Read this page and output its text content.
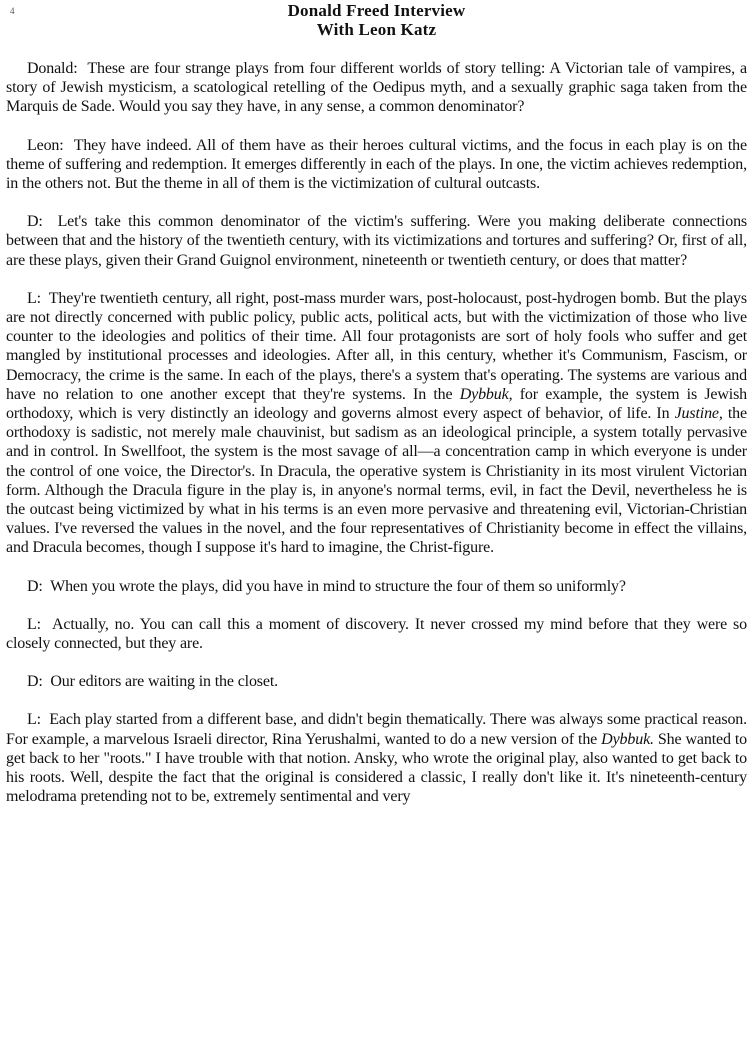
4	Donald Freed Interview
With Leon Katz

Donald: These are four strange plays from four different worlds of story telling: A Victorian tale of vampires, a story of Jewish mysticism, a scatological retelling of the Oedipus myth, and a sexually graphic saga taken from the Marquis de Sade. Would you say they have, in any sense, a common denominator?

Leon: They have indeed. All of them have as their heroes cultural victims, and the focus in each play is on the theme of suffering and redemption. It emerges differently in each of the plays. In one, the victim achieves redemption, in the others not. But the theme in all of them is the victimization of cultural outcasts.

D: Let's take this common denominator of the victim's suffering. Were you making deliberate connections between that and the history of the twentieth century, with its victimizations and tortures and suffering? Or, first of all, are these plays, given their Grand Guignol environment, nineteenth or twentieth century, or does that matter?

L: They're twentieth century, all right, post-mass murder wars, post-holocaust, post-hydrogen bomb. But the plays are not directly concerned with public policy, public acts, political acts, but with the victimization of those who live counter to the ideologies and politics of their time. All four protagonists are sort of holy fools who suffer and get mangled by institutional processes and ideologies. After all, in this century, whether it's Communism, Fascism, or Democracy, the crime is the same. In each of the plays, there's a system that's operating. The systems are various and have no relation to one another except that they're systems. In the Dybbuk, for example, the system is Jewish orthodoxy, which is very distinctly an ideology and governs almost every aspect of behavior, of life. In Justine, the orthodoxy is sadistic, not merely male chauvinist, but sadism as an ideological principle, a system totally pervasive and in control. In Swellfoot, the system is the most savage of all—a concentration camp in which everyone is under the control of one voice, the Director's. In Dracula, the operative system is Christianity in its most virulent Victorian form. Although the Dracula figure in the play is, in anyone's normal terms, evil, in fact the Devil, nevertheless he is the outcast being victimized by what in his terms is an even more pervasive and threatening evil, Victorian-Christian values. I've reversed the values in the novel, and the four representatives of Christianity become in effect the villains, and Dracula becomes, though I suppose it's hard to imagine, the Christ-figure.

D: When you wrote the plays, did you have in mind to structure the four of them so uniformly?

L: Actually, no. You can call this a moment of discovery. It never crossed my mind before that they were so closely connected, but they are.

D: Our editors are waiting in the closet.

L: Each play started from a different base, and didn't begin thematically. There was always some practical reason. For example, a marvelous Israeli director, Rina Yerushalmi, wanted to do a new version of the Dybbuk. She wanted to get back to her "roots." I have trouble with that notion. Ansky, who wrote the original play, also wanted to get back to his roots. Well, despite the fact that the original is considered a classic, I really don't like it. It's nineteenth-century melodrama pretending not to be, extremely sentimental and very
